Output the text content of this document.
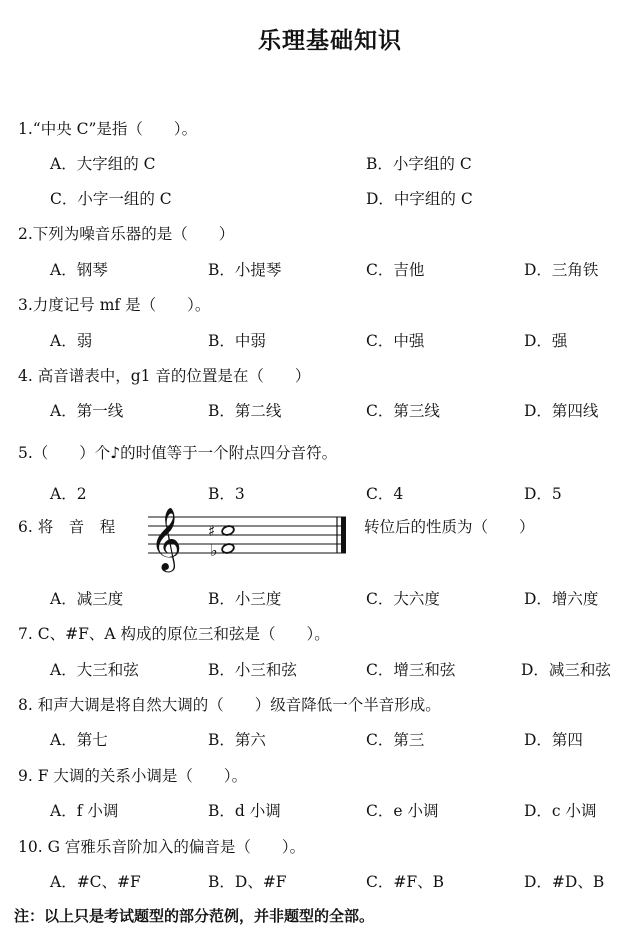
乐理基础知识
1.“中央 C”是指（　　）。
A．大字组的 C	B．小字组的 C
C．小字一组的 C	D．中字组的 C
2.下列为噪音乐器的是（　　）
A．钢琴	B．小提琴	C．吉他	D．三角铁
3.力度记号 mf 是（　　）。
A．弱	B．中弱	C．中强	D．强
4. 高音谱表中，g1 音的位置是在（　　）
A．第一线	B．第二线	C．第三线	D．第四线
5.（　　）个♪的时值等于一个附点四分音符。
A．2	B．3	C．4	D．5
6. 将　音　程 𝄞 ♯
♭
转位后的性质为（　　）
A．减三度	B．小三度	C．大六度	D．增六度
7. C、#F、A 构成的原位三和弦是（　　）。
A．大三和弦	B．小三和弦	C．增三和弦	D．减三和弦
8. 和声大调是将自然大调的（　　）级音降低一个半音形成。
A．第七	B．第六	C．第三	D．第四
9. F 大调的关系小调是（　　）。
A．f 小调	B．d 小调	C．e 小调	D．c 小调
10. G 宫雅乐音阶加入的偏音是（　　）。
A．#C、#F	B．D、#F	C．#F、B	D．#D、B
注：以上只是考试题型的部分范例，并非题型的全部。
